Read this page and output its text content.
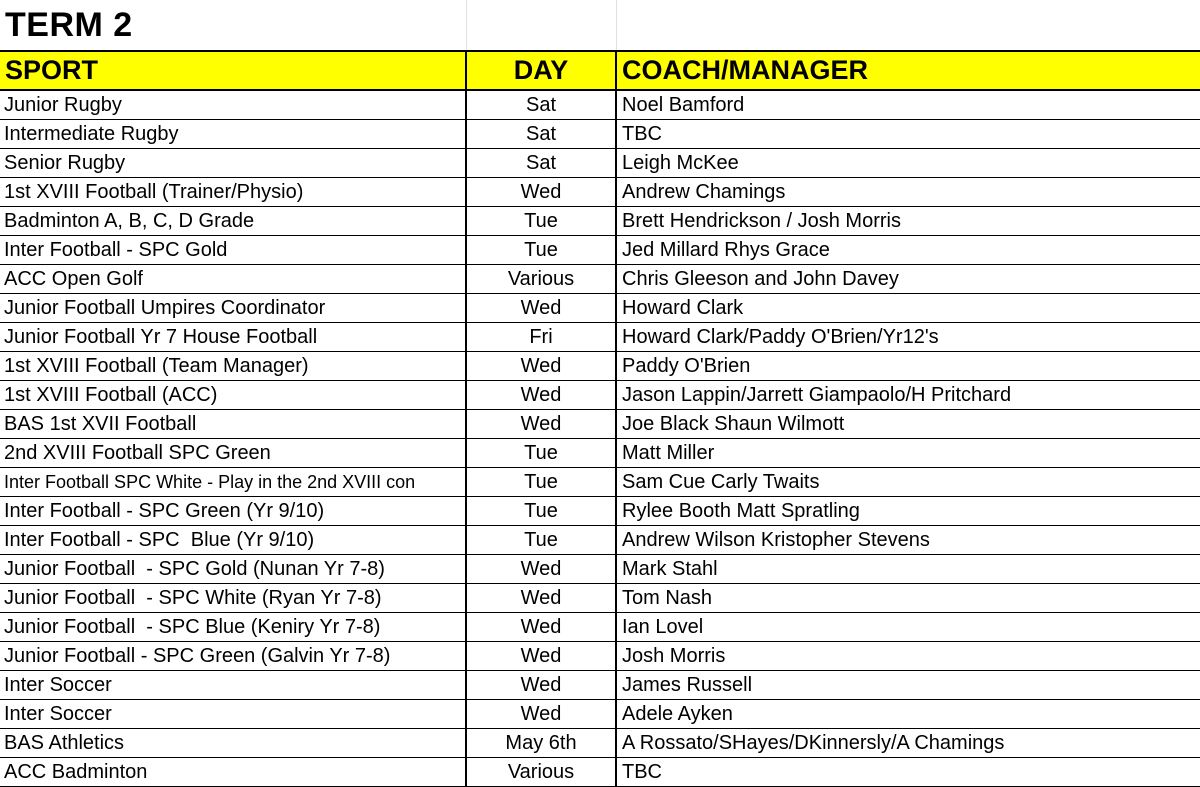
TERM 2
SPORT	DAY	COACH/MANAGER
Junior Rugby	Sat	Noel Bamford
Intermediate Rugby	Sat	TBC
Senior Rugby	Sat	Leigh McKee
1st XVIII Football (Trainer/Physio)	Wed	Andrew Chamings
Badminton A, B, C, D Grade	Tue	Brett Hendrickson / Josh Morris
Inter Football - SPC Gold	Tue	Jed Millard Rhys Grace
ACC Open Golf	Various	Chris Gleeson and John Davey
Junior Football Umpires Coordinator	Wed	Howard Clark
Junior Football Yr 7 House Football	Fri	Howard Clark/Paddy O'Brien/Yr12's
1st XVIII Football (Team Manager)	Wed	Paddy O'Brien
1st XVIII Football (ACC)	Wed	Jason Lappin/Jarrett Giampaolo/H Pritchard
BAS 1st XVII Football	Wed	Joe Black Shaun Wilmott
2nd XVIII Football SPC Green	Tue	Matt Miller
Inter Football SPC White - Play in the 2nd XVIII con	Tue	Sam Cue Carly Twaits
Inter Football - SPC Green (Yr 9/10)	Tue	Rylee Booth Matt Spratling
Inter Football - SPC  Blue (Yr 9/10)	Tue	Andrew Wilson Kristopher Stevens
Junior Football  - SPC Gold (Nunan Yr 7-8)	Wed	Mark Stahl
Junior Football  - SPC White (Ryan Yr 7-8)	Wed	Tom Nash
Junior Football  - SPC Blue (Keniry Yr 7-8)	Wed	Ian Lovel
Junior Football - SPC Green (Galvin Yr 7-8)	Wed	Josh Morris
Inter Soccer	Wed	James Russell
Inter Soccer	Wed	Adele Ayken
BAS Athletics	May 6th	A Rossato/SHayes/DKinnersly/A Chamings
ACC Badminton	Various	TBC
